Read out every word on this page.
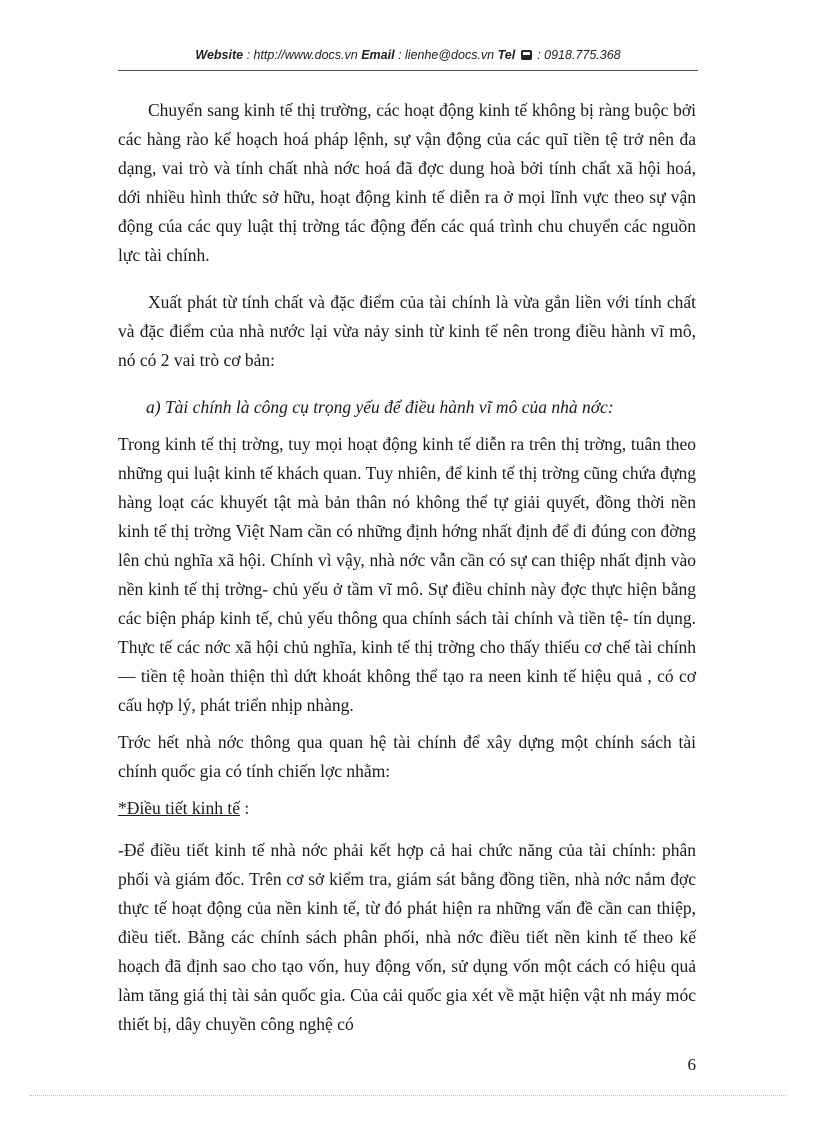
Website : http://www.docs.vn Email : lienhe@docs.vn Tel : 0918.775.368

Chuyển sang kinh tế thị trường, các hoạt động kinh tế không bị ràng buộc bởi các hàng rào kế hoạch hoá pháp lệnh, sự vận động của các quĩ tiền tệ trở nên đa dạng, vai trò và tính chất nhà nớc hoá đã đợc dung hoà bởi tính chất xã hội hoá, dới nhiều hình thức sở hữu, hoạt động kinh tế diễn ra ở mọi lĩnh vực theo sự vận động cúa các quy luật thị trờng tác động đến các quá trình chu chuyển các nguồn lực tài chính.

Xuất phát từ tính chất và đặc điểm của tài chính là vừa gắn liền với tính chất và đặc điểm của nhà nước lại vừa nảy sinh từ kinh tế nên trong điều hành vĩ mô, nó có 2 vai trò cơ bản:

a) Tài chính là công cụ trọng yếu để điều hành vĩ mô của nhà nớc:

Trong kinh tế thị trờng, tuy mọi hoạt động kinh tế diễn ra trên thị trờng, tuân theo những qui luật kinh tế khách quan. Tuy nhiên, để kinh tế thị trờng cũng chứa đựng hàng loạt các khuyết tật mà bản thân nó không thể tự giải quyết, đồng thời nền kinh tế thị trờng Việt Nam cần có những định hớng nhất định để đi đúng con đờng lên chủ nghĩa xã hội. Chính vì vậy, nhà nớc vẫn cần có sự can thiệp nhất định vào nền kinh tế thị trờng- chủ yếu ở tầm vĩ mô. Sự điều chỉnh này đợc thực hiện bằng các biện pháp kinh tế, chủ yếu thông qua chính sách tài chính và tiền tệ- tín dụng. Thực tế các nớc xã hội chủ nghĩa, kinh tế thị trờng cho thấy thiếu cơ chế tài chính — tiền tệ hoàn thiện thì dứt khoát không thể tạo ra neen kinh tế hiệu quả , có cơ cấu hợp lý, phát triển nhịp nhàng.

Trớc hết nhà nớc thông qua quan hệ tài chính để xây dựng một chính sách tài chính quốc gia có tính chiến lợc nhằm:

*Điều tiết kinh tế :

-Để điều tiết kinh tế nhà nớc phải kết hợp cả hai chức năng của tài chính: phân phối và giám đốc. Trên cơ sở kiểm tra, giám sát bằng đồng tiền, nhà nớc nắm đợc thực tế hoạt động của nền kinh tế, từ đó phát hiện ra những vấn đề cần can thiệp, điều tiết. Bằng các chính sách phân phối, nhà nớc điều tiết nền kinh tế theo kế hoạch đã định sao cho tạo vốn, huy động vốn, sử dụng vốn một cách có hiệu quả làm tăng giá thị tài sản quốc gia. Của cải quốc gia xét về mặt hiện vật nh máy móc thiết bị, dây chuyền công nghệ có

6
